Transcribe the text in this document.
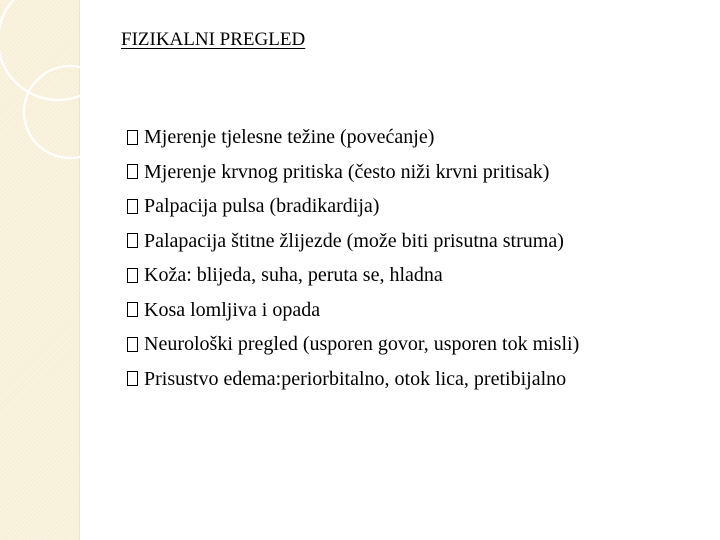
FIZIKALNI PREGLED
Mjerenje tjelesne težine (povećanje)
Mjerenje krvnog pritiska (često niži krvni pritisak)
Palpacija pulsa (bradikardija)
Palapacija štitne žlijezde (može biti prisutna struma)
Koža: blijeda, suha, peruta se, hladna
Kosa lomljiva i opada
Neurološki pregled (usporen govor, usporen tok misli)
Prisustvo edema:periorbitalno, otok lica, pretibijalno
